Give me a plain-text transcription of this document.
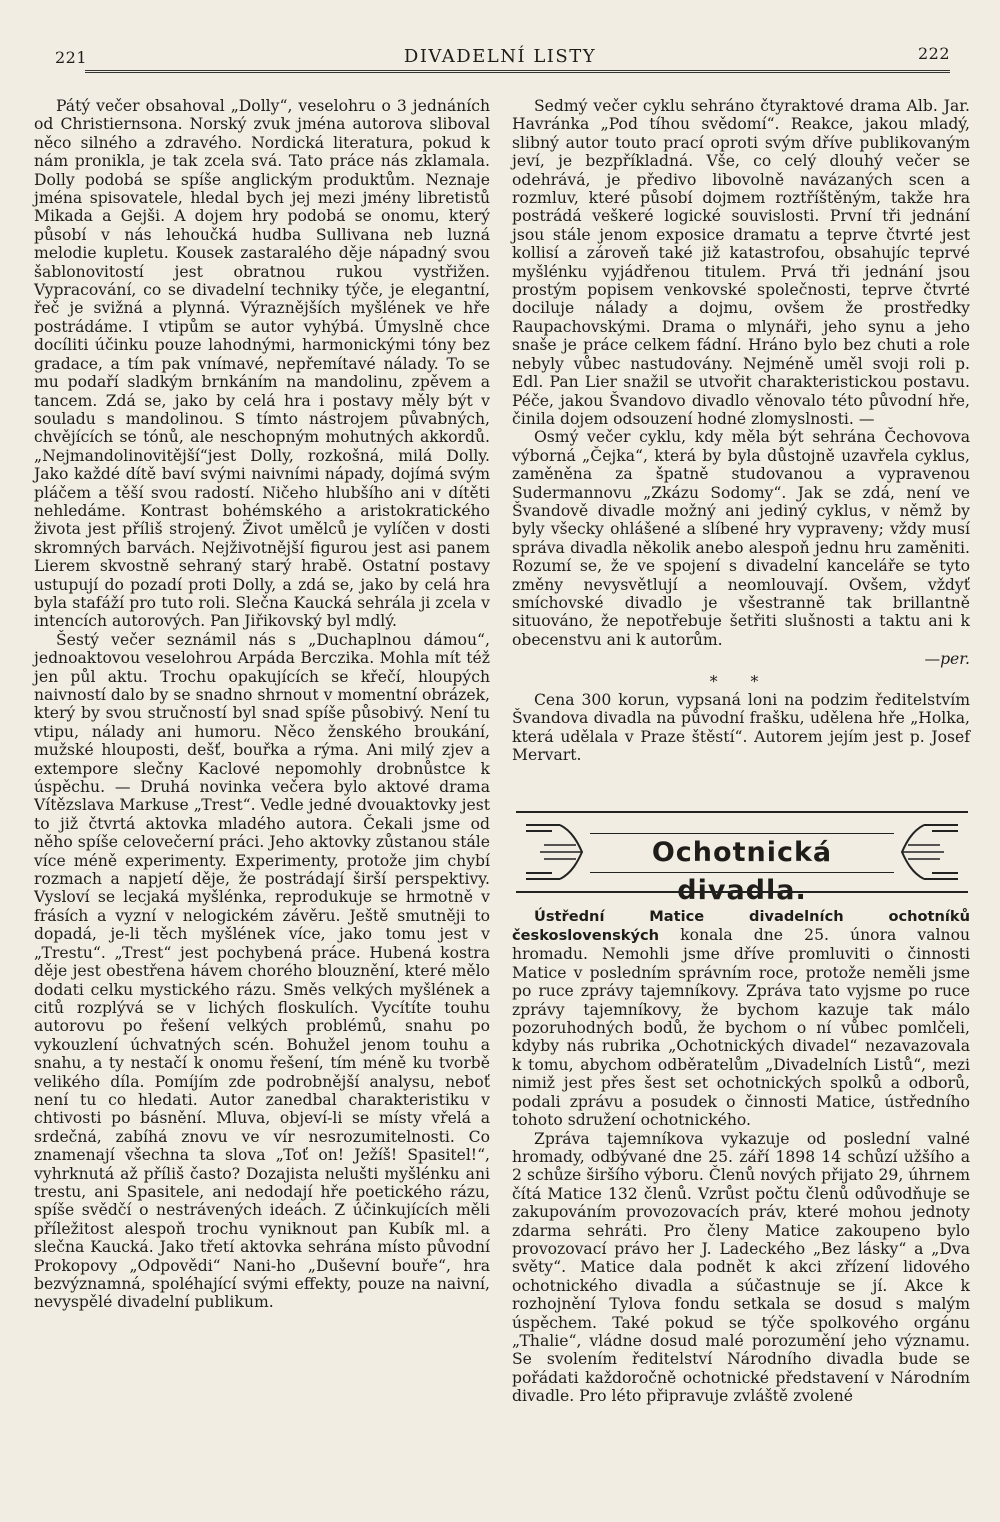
221	DIVADELNÍ LISTY	222

Pátý večer obsahoval „Dolly“, veselohru o 3 jednáních od Christiernsona. Norský zvuk jména autorova sliboval něco silného a zdravého. Nordická literatura, pokud k nám pronikla, je tak zcela svá. Tato práce nás zklamala. Dolly podobá se spíše anglickým produktům. Neznaje jména spisovatele, hledal bych jej mezi jmény libretistů Mikada a Gejši. A dojem hry podobá se onomu, který působí v nás lehoučká hudba Sullivana neb luzná melodie kupletu. Kousek zastaralého děje nápadný svou šablonovitostí jest obratnou rukou vystřižen. Vypracování, co se divadelní techniky týče, je elegantní, řeč je svižná a plynná. Výraznějších myšlének ve hře postrádáme. I vtipům se autor vyhýbá. Úmyslně chce docíliti účinku pouze lahodnými, harmonickými tóny bez gradace, a tím pak vnímavé, nepřemítavé nálady. To se mu podaří sladkým brnkáním na mandolinu, zpěvem a tancem. Zdá se, jako by celá hra i postavy měly být v souladu s mandolinou. S tímto nástrojem půvabných, chvějících se tónů, ale neschopným mohutných akkordů.„Nejmandolinovitější“jest Dolly, rozkošná, milá Dolly. Jako každé dítě baví svými naivními nápady, dojímá svým pláčem a těší svou radostí. Ničeho hlubšího ani v dítěti nehledáme. Kontrast bohémského a aristokratického života jest příliš strojený. Život umělců je vylíčen v dosti skromných barvách. Nejživotnější figurou jest asi panem Lierem skvostně sehraný starý hrabě. Ostatní postavy ustupují do pozadí proti Dolly, a zdá se, jako by celá hra byla stafáží pro tuto roli. Slečna Kaucká sehrála ji zcela v intencích autorových. Pan Jiřikovský byl mdlý.

Šestý večer seznámil nás s „Duchaplnou dámou“, jednoaktovou veselohrou Arpáda Berczika. Mohla mít též jen půl aktu. Trochu opakujících se křečí, hloupých naivností dalo by se snadno shrnout v momentní obrázek, který by svou stručností byl snad spíše působivý. Není tu vtipu, nálady ani humoru. Něco ženského broukání, mužské hlouposti, dešť, bouřka a rýma. Ani milý zjev a extempore slečny Kaclové nepomohly drobnůstce k úspěchu. — Druhá novinka večera bylo aktové drama Vítězslava Markuse „Trest“. Vedle jedné dvouaktovky jest to již čtvrtá aktovka mladého autora. Čekali jsme od něho spíše celovečerní práci. Jeho aktovky zůstanou stále více méně experimenty. Experimenty, protože jim chybí rozmach a napjetí děje, že postrádají širší perspektivy. Vysloví se lecjaká myšlénka, reprodukuje se hrmotně v frásích a vyzní v nelogickém závěru. Ještě smutněji to dopadá, je-li těch myšlének více, jako tomu jest v „Trestu“. „Trest“ jest pochybená práce. Hubená kostra děje jest obestřena hávem chorého blouznění, které mělo dodati celku mystického rázu. Směs velkých myšlének a citů rozplývá se v lichých floskulích. Vycítíte touhu autorovu po řešení velkých problémů, snahu po vykouzlení úchvatných scén. Bohužel jenom touhu a snahu, a ty nestačí k onomu řešení, tím méně ku tvorbě velikého díla. Pomíjím zde podrobnější analysu, neboť není tu co hledati. Autor zanedbal charakteristiku v chtivosti po básnění. Mluva, objeví-li se místy vřelá a srdečná, zabíhá znovu ve vír nesrozumitelnosti. Co znamenají všechna ta slova „Toť on! Ježíš! Spasitel!“, vyhrknutá až příliš často? Dozajista nelušti myšlénku ani trestu, ani Spasitele, ani nedodají hře poetického rázu, spíše svědčí o nestrávených ideách. Z účinkujících měli příležitost alespoň trochu vyniknout pan Kubík ml. a slečna Kaucká. Jako třetí aktovka sehrána místo původní Prokopovy „Odpovědi“ Nani-ho „Duševní bouře“, hra bezvýznamná, spoléhající svými effekty, pouze na naivní, nevyspělé divadelní publikum.

Sedmý večer cyklu sehráno čtyraktové drama Alb. Jar. Havránka „Pod tíhou svědomí“. Reakce, jakou mladý, slibný autor touto prací oproti svým dříve publikovaným jeví, je bezpříkladná. Vše, co celý dlouhý večer se odehrává, je předivo libovolně navázaných scen a rozmluv, které působí dojmem roztříštěným, takže hra postrádá veškeré logické souvislosti. První tři jednání jsou stále jenom exposice dramatu a teprve čtvrté jest kollisí a zároveň také již katastrofou, obsahujíc teprvé myšlénku vyjádřenou titulem. Prvá tři jednání jsou prostým popisem venkovské společnosti, teprve čtvrté dociluje nálady a dojmu, ovšem že prostředky Raupachovskými. Drama o mlynáři, jeho synu a jeho snaše je práce celkem fádní. Hráno bylo bez chuti a role nebyly vůbec nastudovány. Nejméně uměl svoji roli p. Edl. Pan Lier snažil se utvořit charakteristickou postavu. Péče, jakou Švandovo divadlo věnovalo této původní hře, činila dojem odsouzení hodné zlomyslnosti. —

Osmý večer cyklu, kdy měla být sehrána Čechovova výborná „Čejka“, která by byla důstojně uzavřela cyklus, zaměněna za špatně studovanou a vypravenou Sudermannovu „Zkázu Sodomy“. Jak se zdá, není ve Švandově divadle možný ani jediný cyklus, v němž by byly všecky ohlášené a slíbené hry vypraveny; vždy musí správa divadla několik anebo alespoň jednu hru zaměniti. Rozumí se, že ve spojení s divadelní kanceláře se tyto změny nevysvětlují a neomlouvají. Ovšem, vždyť smíchovské divadlo je všestranně tak brillantně situováno, že nepotřebuje šetřiti slušnosti a taktu ani k obecenstvu ani k autorům.

—per.

* *

Cena 300 korun, vypsaná loni na podzim ředitelstvím Švandova divadla na původní frašku, udělena hře „Holka, která udělala v Praze štěstí“. Autorem jejím jest p. Josef Mervart.

Ochotnická divadla.

Ústřední Matice divadelních ochotníků československých konala dne 25. února valnou hromadu. Nemohli jsme dříve promluviti o činnosti Matice v posledním správním roce, protože neměli jsme po ruce zprávy tajemníkovy. Zpráva tato vyjsme po ruce zprávy tajemníkovy, že bychom kazuje tak málo pozoruhodných bodů, že bychom o ní vůbec pomlčeli, kdyby nás rubrika „Ochotnických divadel“ nezavazovala k tomu, abychom odběratelům „Divadelních Listů“, mezi nimiž jest přes šest set ochotnických spolků a odborů, podali zprávu a posudek o činnosti Matice, ústředního tohoto sdružení ochotnického.

Zpráva tajemníkova vykazuje od poslední valné hromady, odbývané dne 25. září 1898 14 schůzí užšího a 2 schůze širšího výboru. Členů nových přijato 29, úhrnem čítá Matice 132 členů. Vzrůst počtu členů odůvodňuje se zakupováním provozovacích práv, které mohou jednoty zdarma sehráti. Pro členy Matice zakoupeno bylo provozovací právo her J. Ladeckého „Bez lásky“ a „Dva světy“. Matice dala podnět k akci zřízení lidového ochotnického divadla a súčastnuje se jí. Akce k rozhojnění Tylova fondu setkala se dosud s malým úspěchem. Také pokud se týče spolkového orgánu „Thalie“, vládne dosud malé porozumění jeho významu. Se svolením ředitelství Národního divadla bude se pořádati každoročně ochotnické představení v Národním divadle. Pro léto připravuje zvláště zvolené
